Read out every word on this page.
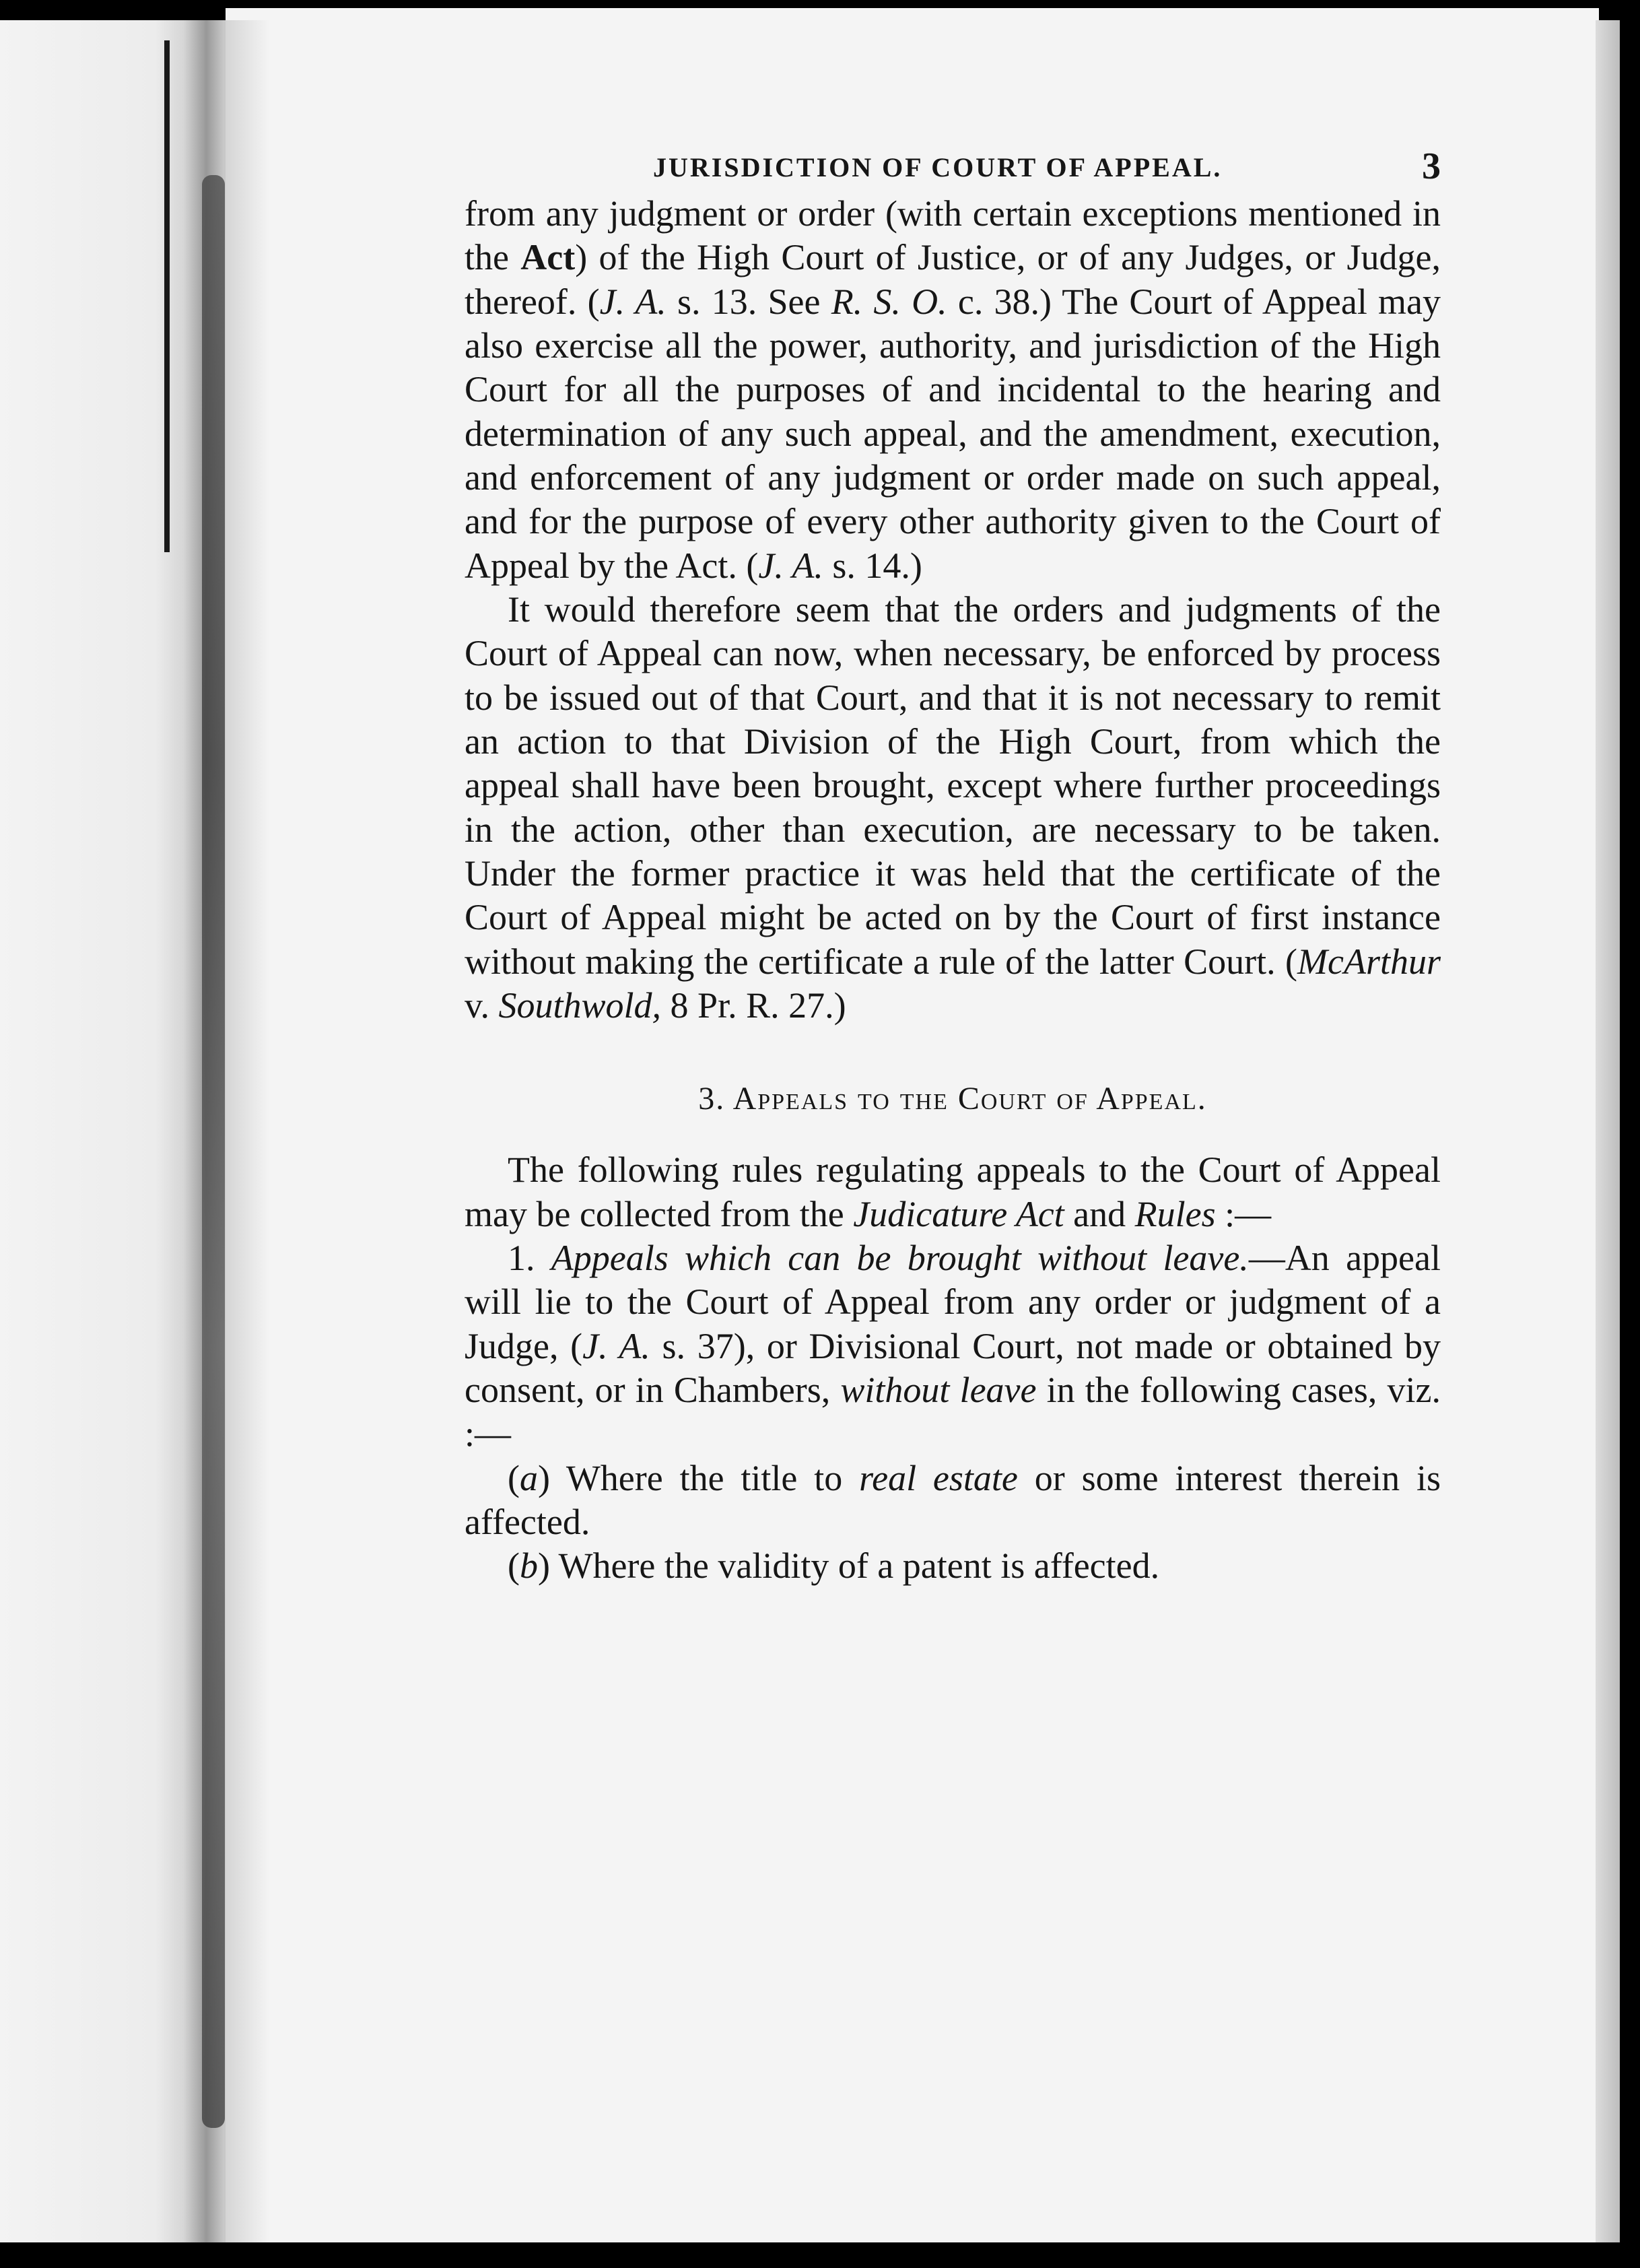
JURISDICTION OF COURT OF APPEAL.	3

from any judgment or order (with certain exceptions mentioned in the Act) of the High Court of Justice, or of any Judges, or Judge, thereof. (J. A. s. 13. See R. S. O. c. 38.) The Court of Appeal may also exercise all the power, authority, and jurisdiction of the High Court for all the purposes of and incidental to the hearing and determination of any such appeal, and the amendment, execution, and enforcement of any judgment or order made on such appeal, and for the purpose of every other authority given to the Court of Appeal by the Act. (J. A. s. 14.)

It would therefore seem that the orders and judgments of the Court of Appeal can now, when necessary, be enforced by process to be issued out of that Court, and that it is not necessary to remit an action to that Division of the High Court, from which the appeal shall have been brought, except where further proceedings in the action, other than execution, are necessary to be taken. Under the former practice it was held that the certificate of the Court of Appeal might be acted on by the Court of first instance without making the certificate a rule of the latter Court. (McArthur v. Southwold, 8 Pr. R. 27.)

3. Appeals to the Court of Appeal.

The following rules regulating appeals to the Court of Appeal may be collected from the Judicature Act and Rules :—

1. Appeals which can be brought without leave.—An appeal will lie to the Court of Appeal from any order or judgment of a Judge, (J. A. s. 37), or Divisional Court, not made or obtained by consent, or in Chambers, without leave in the following cases, viz. :—

(a) Where the title to real estate or some interest therein is affected.

(b) Where the validity of a patent is affected.
